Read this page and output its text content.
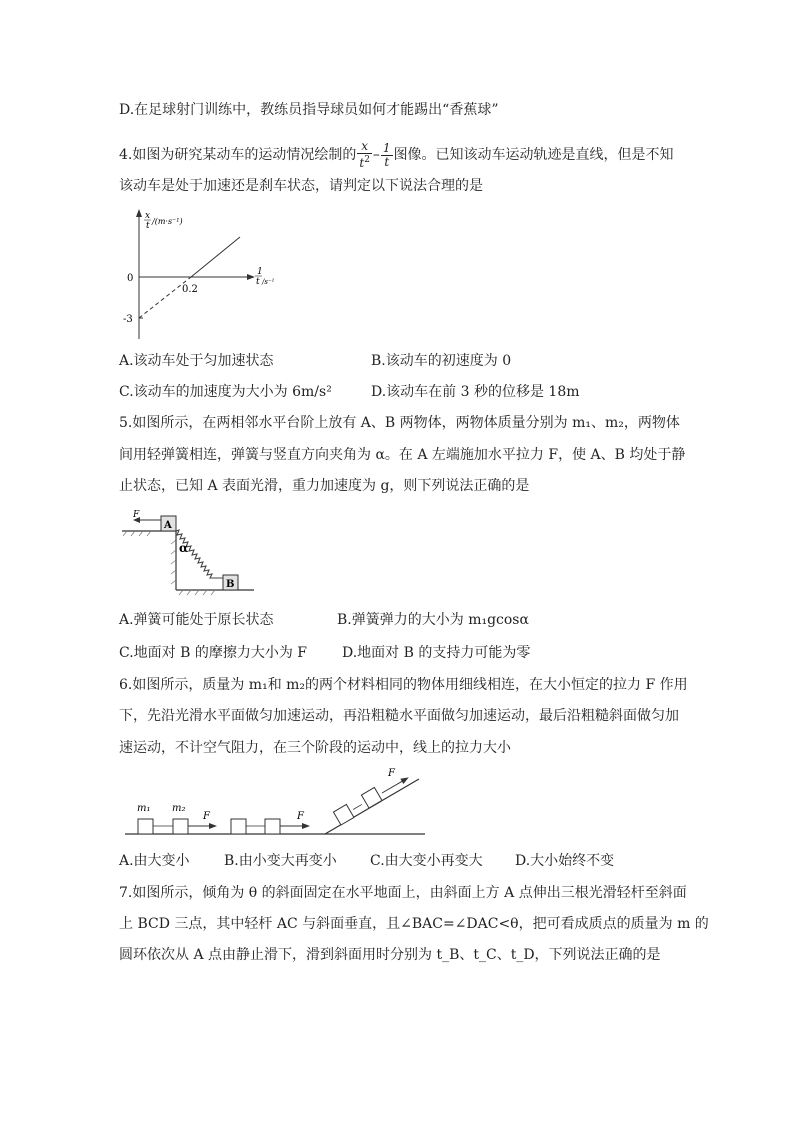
D.在足球射门训练中，教练员指导球员如何才能踢出“香蕉球”
4.如图为研究某动车的运动情况绘制的 $\frac{x}{t^2} - \frac{1}{t}$ 图像。已知该动车运动轨迹是直线，但是不知
该动车是处于加速还是刹车状态，请判定以下说法合理的是
x
t /(m·s⁻¹)
1
t /s⁻¹
0
0.2
-3
A.该动车处于匀加速状态	B.该动车的初速度为 0
C.该动车的加速度为大小为 6m/s²	D.该动车在前 3 秒的位移是 18m
5.如图所示，在两相邻水平台阶上放有 A、B 两物体，两物体质量分别为 m₁、m₂，两物体
间用轻弹簧相连，弹簧与竖直方向夹角为 α。在 A 左端施加水平拉力 F，使 A、B 均处于静
止状态，已知 A 表面光滑，重力加速度为 g，则下列说法正确的是
A
B
F
α
A.弹簧可能处于原长状态	B.弹簧弹力的大小为 m₁gcosα
C.地面对 B 的摩擦力大小为 F D.地面对 B 的支持力可能为零
6.如图所示，质量为 m₁和 m₂的两个材料相同的物体用细线相连，在大小恒定的拉力 F 作用
下，先沿光滑水平面做匀加速运动，再沿粗糙水平面做匀加速运动，最后沿粗糙斜面做匀加
速运动，不计空气阻力，在三个阶段的运动中，线上的拉力大小
m₁ m₂
F	F
F
A.由大变小 B.由小变大再变小 C.由大变小再变大 D.大小始终不变
7.如图所示，倾角为 θ 的斜面固定在水平地面上，由斜面上方 A 点伸出三根光滑轻杆至斜面
上 BCD 三点，其中轻杆 AC 与斜面垂直，且∠BAC=∠DAC<θ，把可看成质点的质量为 m 的
圆环依次从 A 点由静止滑下，滑到斜面用时分别为 t_B、t_C、t_D，下列说法正确的是
